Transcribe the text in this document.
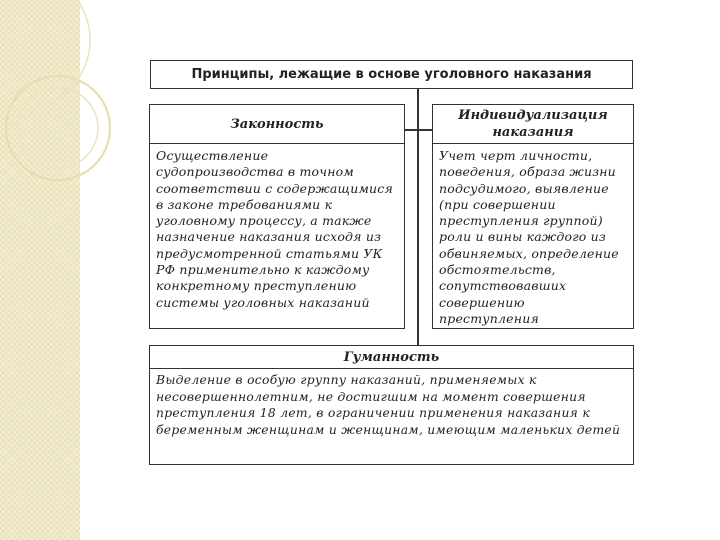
Принципы, лежащие в основе уголовного наказания
Законность
Осуществление судопроизводства в точном соответствии с содержащимися в законе требованиями к уголовному процессу, а также назначение наказания исходя из предусмотренной статьями УК РФ применительно к каждому конкретному преступлению системы уголовных наказаний
Индивидуализация наказания
Учет черт личности, поведения, образа жизни подсудимого, выявление (при совершении преступления группой) роли и вины каждого из обвиняемых, определение обстоятельств, сопутствовавших совершению преступления
Гуманность
Выделение в особую группу наказаний, применяемых к несовершеннолетним, не достигшим на момент совершения преступления 18 лет, в ограничении применения наказания к беременным женщинам и женщинам, имеющим маленьких детей
